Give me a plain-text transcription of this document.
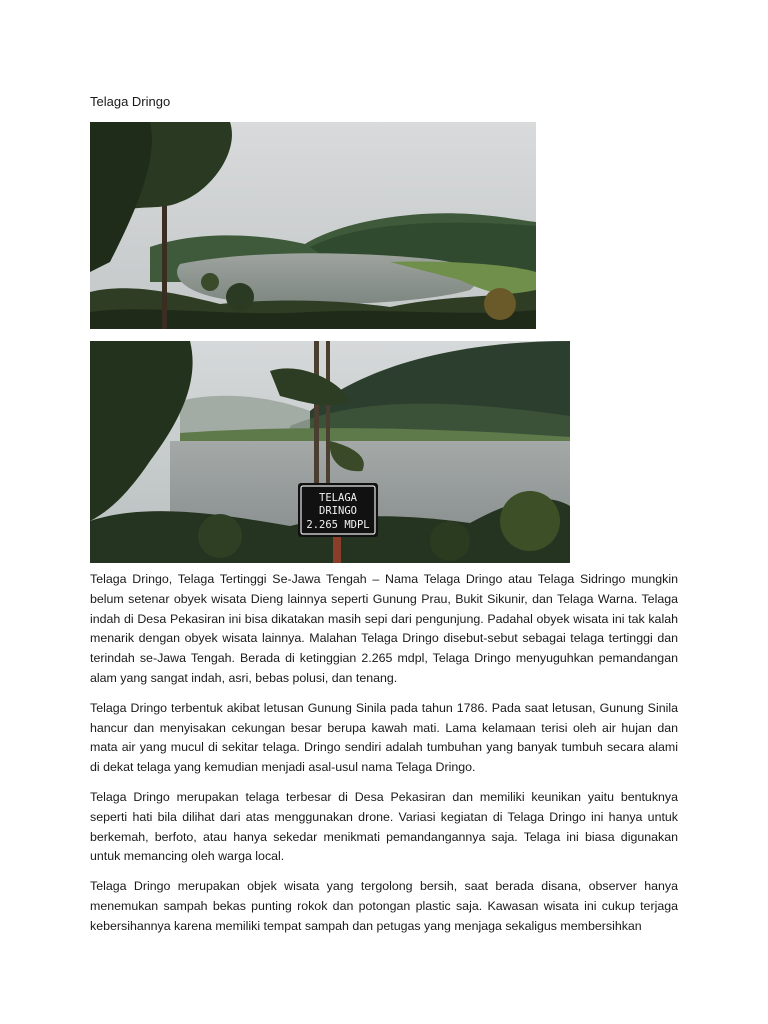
Telaga Dringo
TELAGA
DRINGO
2.265 MDPL

Telaga Dringo, Telaga Tertinggi Se-Jawa Tengah – Nama Telaga Dringo atau Telaga Sidringo mungkin belum setenar obyek wisata Dieng lainnya seperti Gunung Prau, Bukit Sikunir, dan Telaga Warna. Telaga indah di Desa Pekasiran ini bisa dikatakan masih sepi dari pengunjung. Padahal obyek wisata ini tak kalah menarik dengan obyek wisata lainnya. Malahan Telaga Dringo disebut-sebut sebagai telaga tertinggi dan terindah se-Jawa Tengah. Berada di ketinggian 2.265 mdpl, Telaga Dringo menyuguhkan pemandangan alam yang sangat indah, asri, bebas polusi, dan tenang.

Telaga Dringo terbentuk akibat letusan Gunung Sinila pada tahun 1786. Pada saat letusan, Gunung Sinila hancur dan menyisakan cekungan besar berupa kawah mati. Lama kelamaan terisi oleh air hujan dan mata air yang mucul di sekitar telaga. Dringo sendiri adalah tumbuhan yang banyak tumbuh secara alami di dekat telaga yang kemudian menjadi asal-usul nama Telaga Dringo.

Telaga Dringo merupakan telaga terbesar di Desa Pekasiran dan memiliki keunikan yaitu bentuknya seperti hati bila dilihat dari atas menggunakan drone. Variasi kegiatan di Telaga Dringo ini hanya untuk berkemah, berfoto, atau hanya sekedar menikmati pemandangannya saja. Telaga ini biasa digunakan untuk memancing oleh warga local.

Telaga Dringo merupakan objek wisata yang tergolong bersih, saat berada disana, observer hanya menemukan sampah bekas punting rokok dan potongan plastic saja. Kawasan wisata ini cukup terjaga kebersihannya karena memiliki tempat sampah dan petugas yang menjaga sekaligus membersihkan
